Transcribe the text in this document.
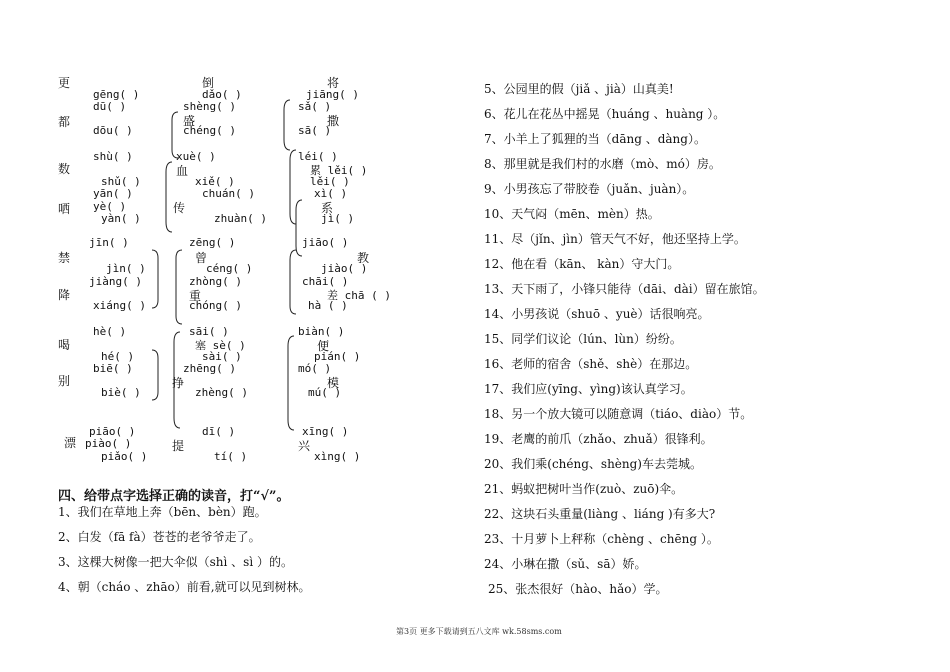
更
都
数
哂
禁
降
喝
别
漂
gēng( )
dū( )
dōu( )
shù( )
shǔ( )
yān( )
yè( )
yàn( )
jīn( )
jìn( )
jiàng( )
xiáng( )
hè( )
hé( )
biē( )
biè( )
piāo( )
piào( )
piǎo( )
倒
dǎo( )
shèng( )
盛
chéng( )
xuè( )
血
xiě( )
chuán( )
传
zhuàn( )
zēng( )
曾
céng( )
zhòng( )
重
chóng( )
sāi( )
塞 sè( )
sài( )
zhēng( )
挣
zhèng( )
dī( )
提
tí( )
将
jiāng( )
sǎ( )
撒
sā( )
léi( )
累 lěi( )
lěi( )
xì( )
系
jì( )
jiāo( )
教
jiào( )
chāi( )
差 chā ( )
hà ( )
biàn( )
便
pián( )
mó( )
模
mú( )
xīng( )
兴
xìng( )
四、给带点字选择正确的读音，打“√”。
1、我们在草地上奔（bēn、bèn）跑。
2、白发（fā fà）苍苍的老爷爷走了。
3、这棵大树像一把大伞似（shì 、sì ）的。
4、朝（cháo 、zhāo）前看,就可以见到树林。
5、公园里的假（jiǎ 、jià）山真美!
6、花儿在花丛中摇晃（huáng 、huàng ）。
7、小羊上了狐狸的当（dāng 、dàng）。
8、那里就是我们村的水磨（mò、mó）房。
9、小男孩忘了带胶卷（juǎn、juàn）。
10、天气闷（mēn、mèn）热。
11、尽（jǐn、jìn）管天气不好，他还坚持上学。
12、他在看（kān、 kàn）守大门。
13、天下雨了，小锋只能待（dāi、dài）留在旅馆。
14、小男孩说（shuō 、yuè）话很响亮。
15、同学们议论（lún、lùn）纷纷。
16、老师的宿舍（shě、shè）在那边。
17、我们应(yīng、yìng)该认真学习。
18、另一个放大镜可以随意调（tiáo、diào）节。
19、老鹰的前爪（zhǎo、zhuǎ）很锋利。
20、我们乘(chéng、shèng)车去莞城。
21、蚂蚁把树叶当作(zuò、zuō)伞。
22、这块石头重量(liàng 、liáng )有多大?
23、十月萝卜上秤称（chèng 、chēng ）。
24、小琳在撒（sǔ、sā）娇。
25、张杰很好（hào、hǎo）学。
第3页 更多下载请到五八文库 wk.58sms.com
